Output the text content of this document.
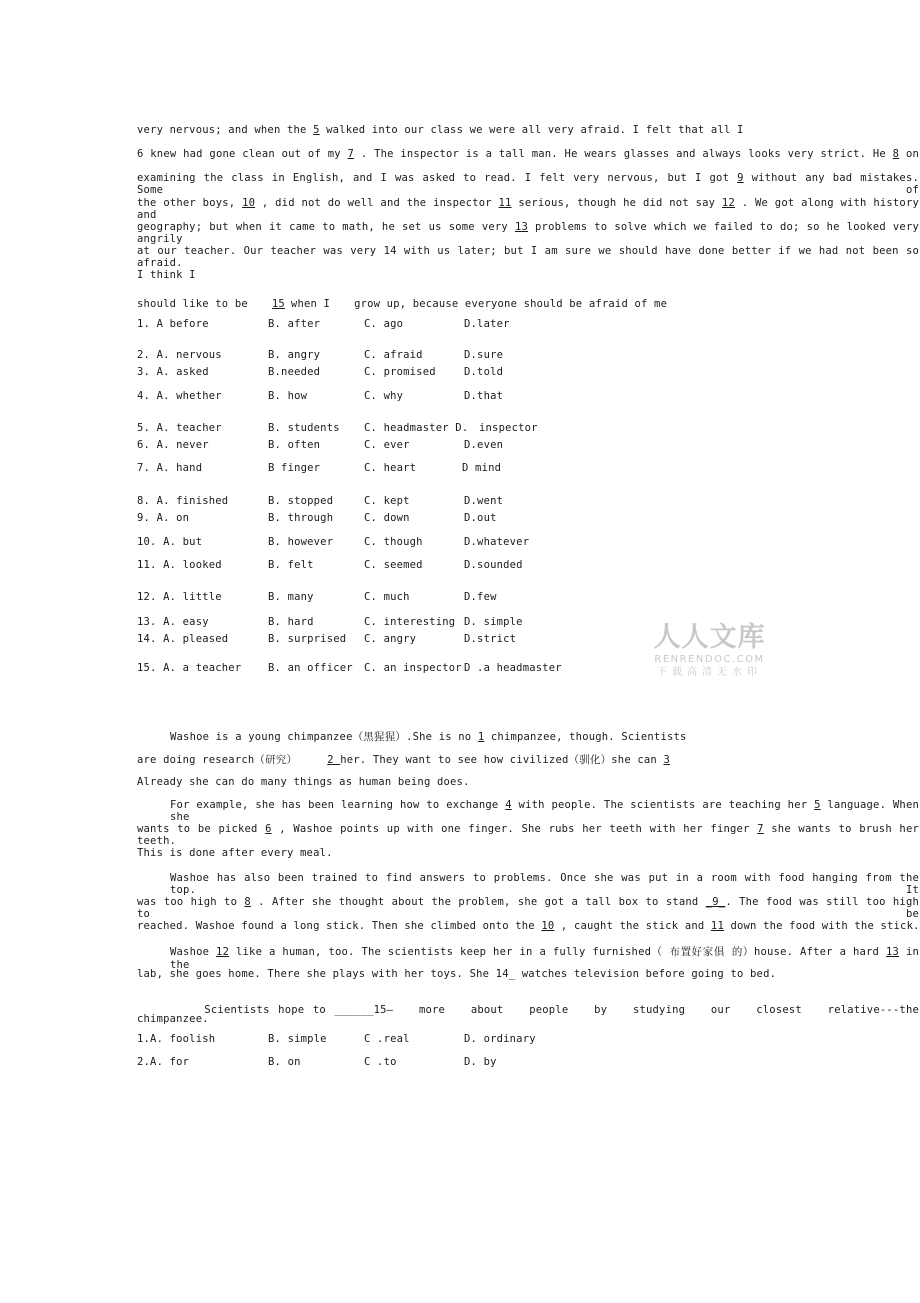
very nervous; and when the 5 walked into our class we were all very afraid. I felt that all I
6 knew had gone clean out of my 7 . The inspector is a tall man. He wears glasses and always looks very strict. He 8 on
examining the class in English, and I was asked to read. I felt very nervous, but I got 9 without any bad mistakes. Some of
the other boys, 10 , did not do well and the inspector 11 serious, though he did not say 12 . We got along with history and
geography; but when it came to math, he set us some very 13 problems to solve which we failed to do; so he looked very angrily
at our teacher. Our teacher was very 14 with us later; but I am sure we should have done better if we had not been so afraid.
I think I
should like to be 15 when I grow up, because everyone should be afraid of me
1. A before	B. after	C. ago	D.later
2. A. nervous	B. angry	C. afraid	D.sure
3. A. asked	B.needed	C. promised	D.told
4. A. whether	B. how	C. why	D.that
5. A. teacher	B. students C. headmaster D. inspector
6. A. never	B. often	C. ever	D.even
7. A. hand	B finger	C. heart	D mind
8. A. finished	B. stopped	C. kept	D.went
9. A. on	B. through	C. down	D.out
10. A. but	B. however	C. though	D.whatever
11. A. looked	B. felt	C. seemed	D.sounded
12. A. little	B. many	C. much	D.few
13. A. easy	B. hard	C. interesting D. simple
14. A. pleased	B. surprised C. angry	D.strict
15. A. a teacher	B. an officer C. an inspector D .a headmaster
人人文库
RENRENDOC.COM
下载高清无水印
Washoe is a young chimpanzee（黑猩猩）.She is no 1 chimpanzee, though. Scientists
are doing research（研究）	2 her. They want to see how civilized（驯化）she can 3
Already she can do many things as human being does.
For example, she has been learning how to exchange 4 with people. The scientists are teaching her 5 language. When she
wants to be picked 6 , Washoe points up with one finger. She rubs her teeth with her finger 7 she wants to brush her teeth.
This is done after every meal.
Washoe has also been trained to find answers to problems. Once she was put in a room with food hanging from the top. It
was too high to 8 . After she thought about the problem, she got a tall box to stand _9_. The food was still too high to be
reached. Washoe found a long stick. Then she climbed onto the 10 , caught the stick and 11 down the food with the stick.
Washoe 12 like a human, too. The scientists keep her in a fully furnished（ 布置好家俱 的）house. After a hard 13 in the
lab, she goes home. There she plays with her toys. She 14_ watches television before going to bed.

Scientists hope to ______15—   more   about   people   by   studying   our   closest   relative---the

chimpanzee.
1.A. foolish	B. simple	C .real	D. ordinary
2.A. for	B. on	C .to	D. by
